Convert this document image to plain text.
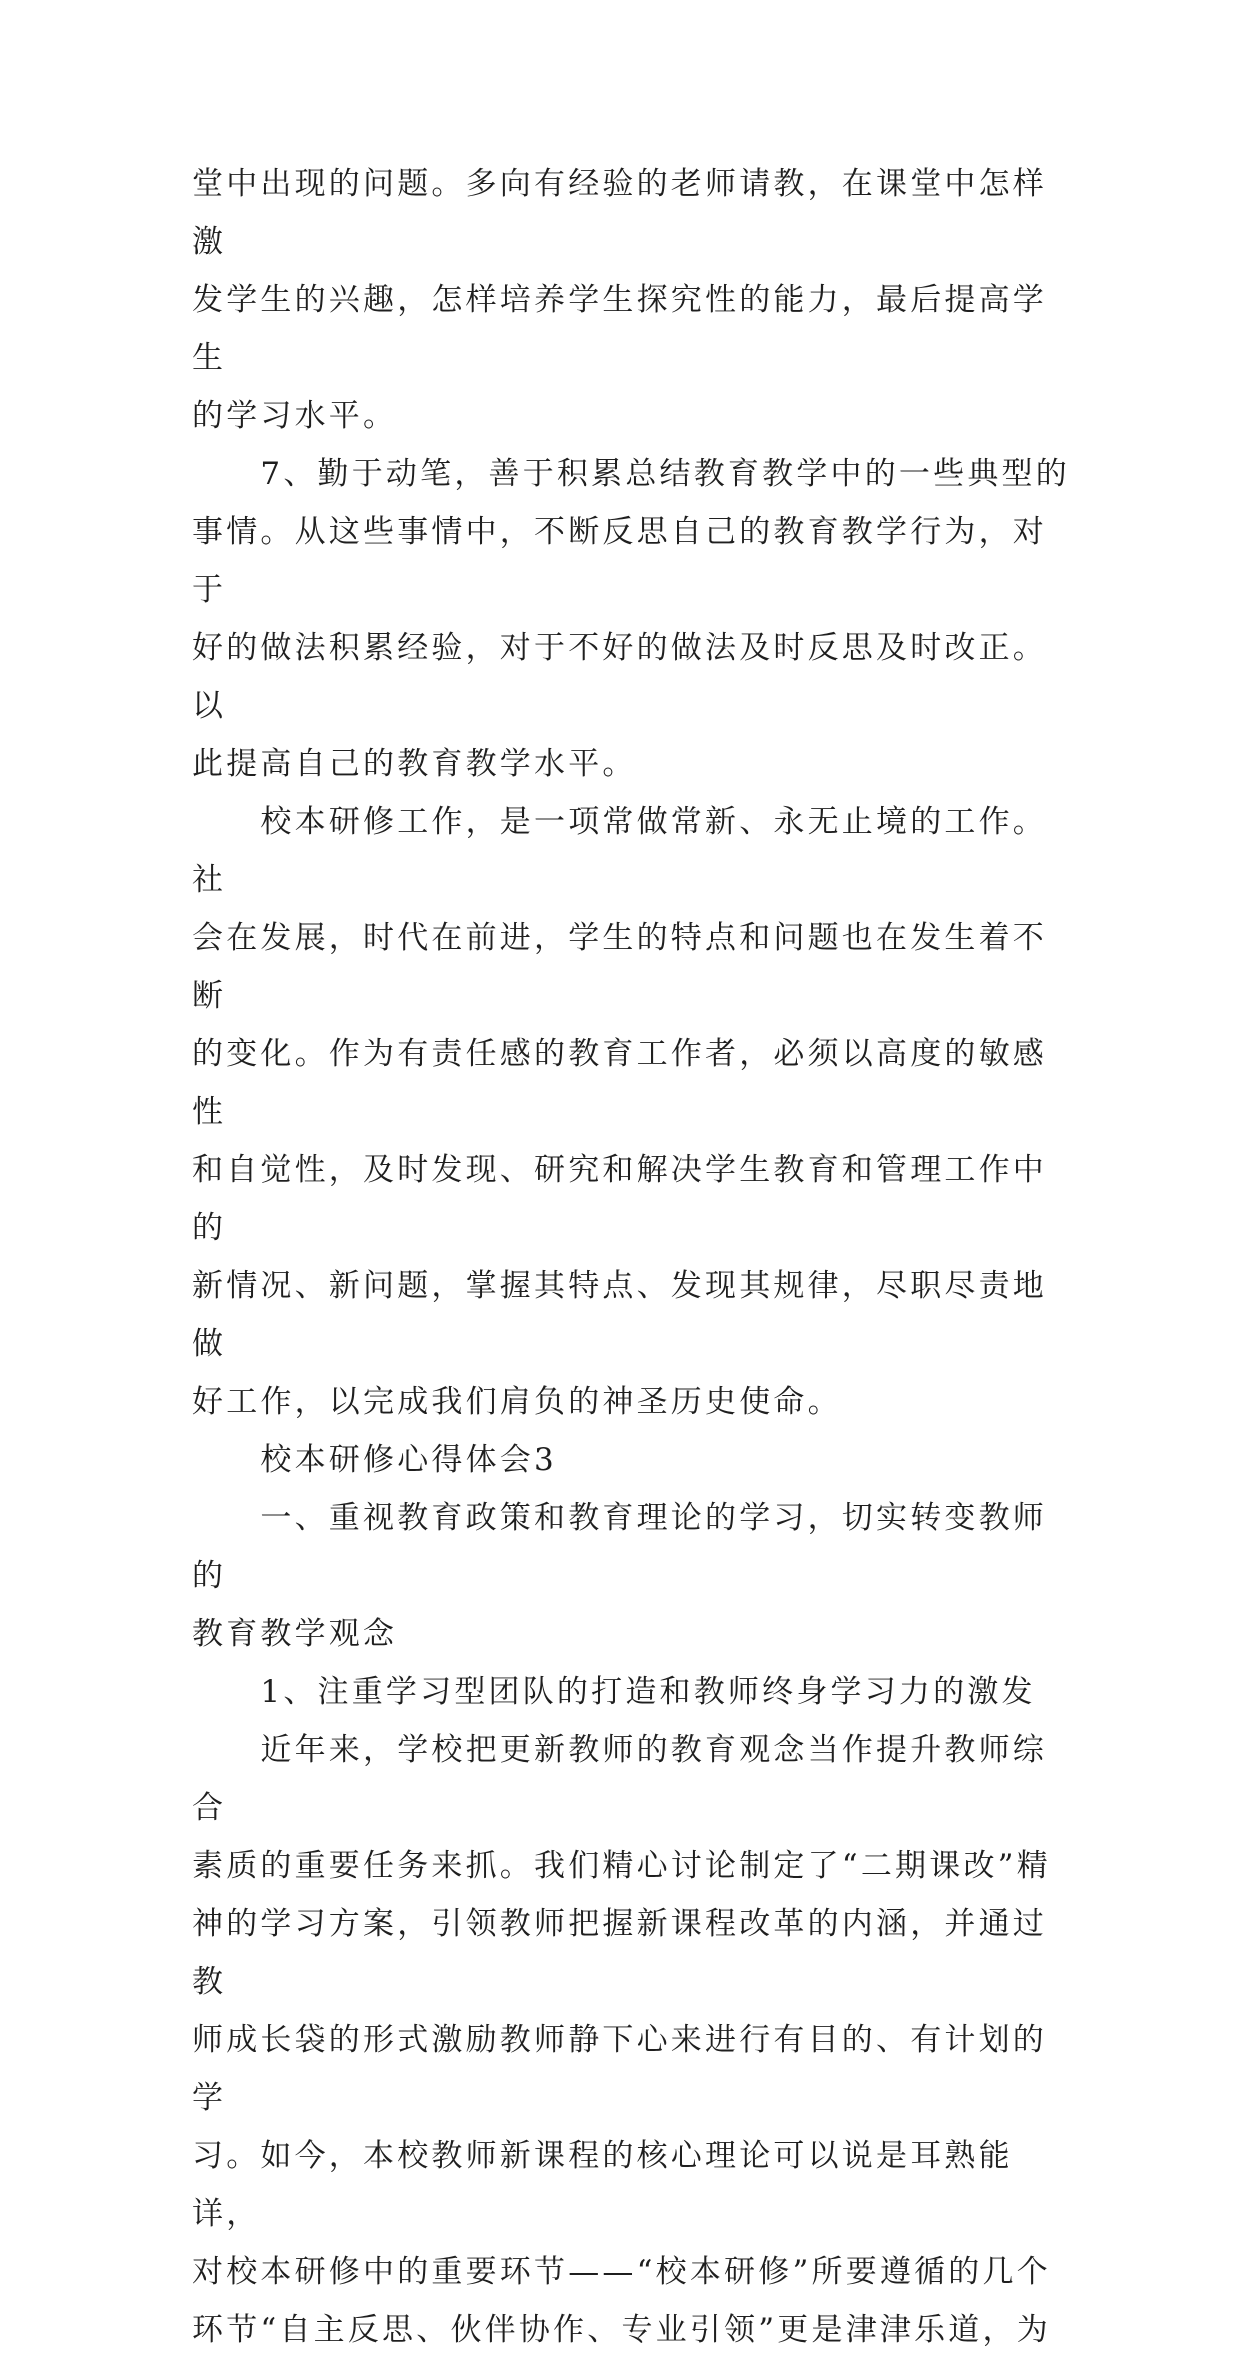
堂中出现的问题。多向有经验的老师请教，在课堂中怎样激
发学生的兴趣，怎样培养学生探究性的能力，最后提高学生
的学习水平。

　　7、勤于动笔，善于积累总结教育教学中的一些典型的
事情。从这些事情中，不断反思自己的教育教学行为，对于
好的做法积累经验，对于不好的做法及时反思及时改正。以
此提高自己的教育教学水平。

　　校本研修工作，是一项常做常新、永无止境的工作。社
会在发展，时代在前进，学生的特点和问题也在发生着不断
的变化。作为有责任感的教育工作者，必须以高度的敏感性
和自觉性，及时发现、研究和解决学生教育和管理工作中的
新情况、新问题，掌握其特点、发现其规律，尽职尽责地做
好工作，以完成我们肩负的神圣历史使命。

　　校本研修心得体会3

　　一、重视教育政策和教育理论的学习，切实转变教师的
教育教学观念

　　1、注重学习型团队的打造和教师终身学习力的激发

　　近年来，学校把更新教师的教育观念当作提升教师综合
素质的重要任务来抓。我们精心讨论制定了“二期课改”精
神的学习方案，引领教师把握新课程改革的内涵，并通过教
师成长袋的形式激励教师静下心来进行有目的、有计划的学
习。如今，本校教师新课程的核心理论可以说是耳熟能详，
对校本研修中的重要环节——“校本研修”所要遵循的几个
环节“自主反思、伙伴协作、专业引领”更是津津乐道，为
